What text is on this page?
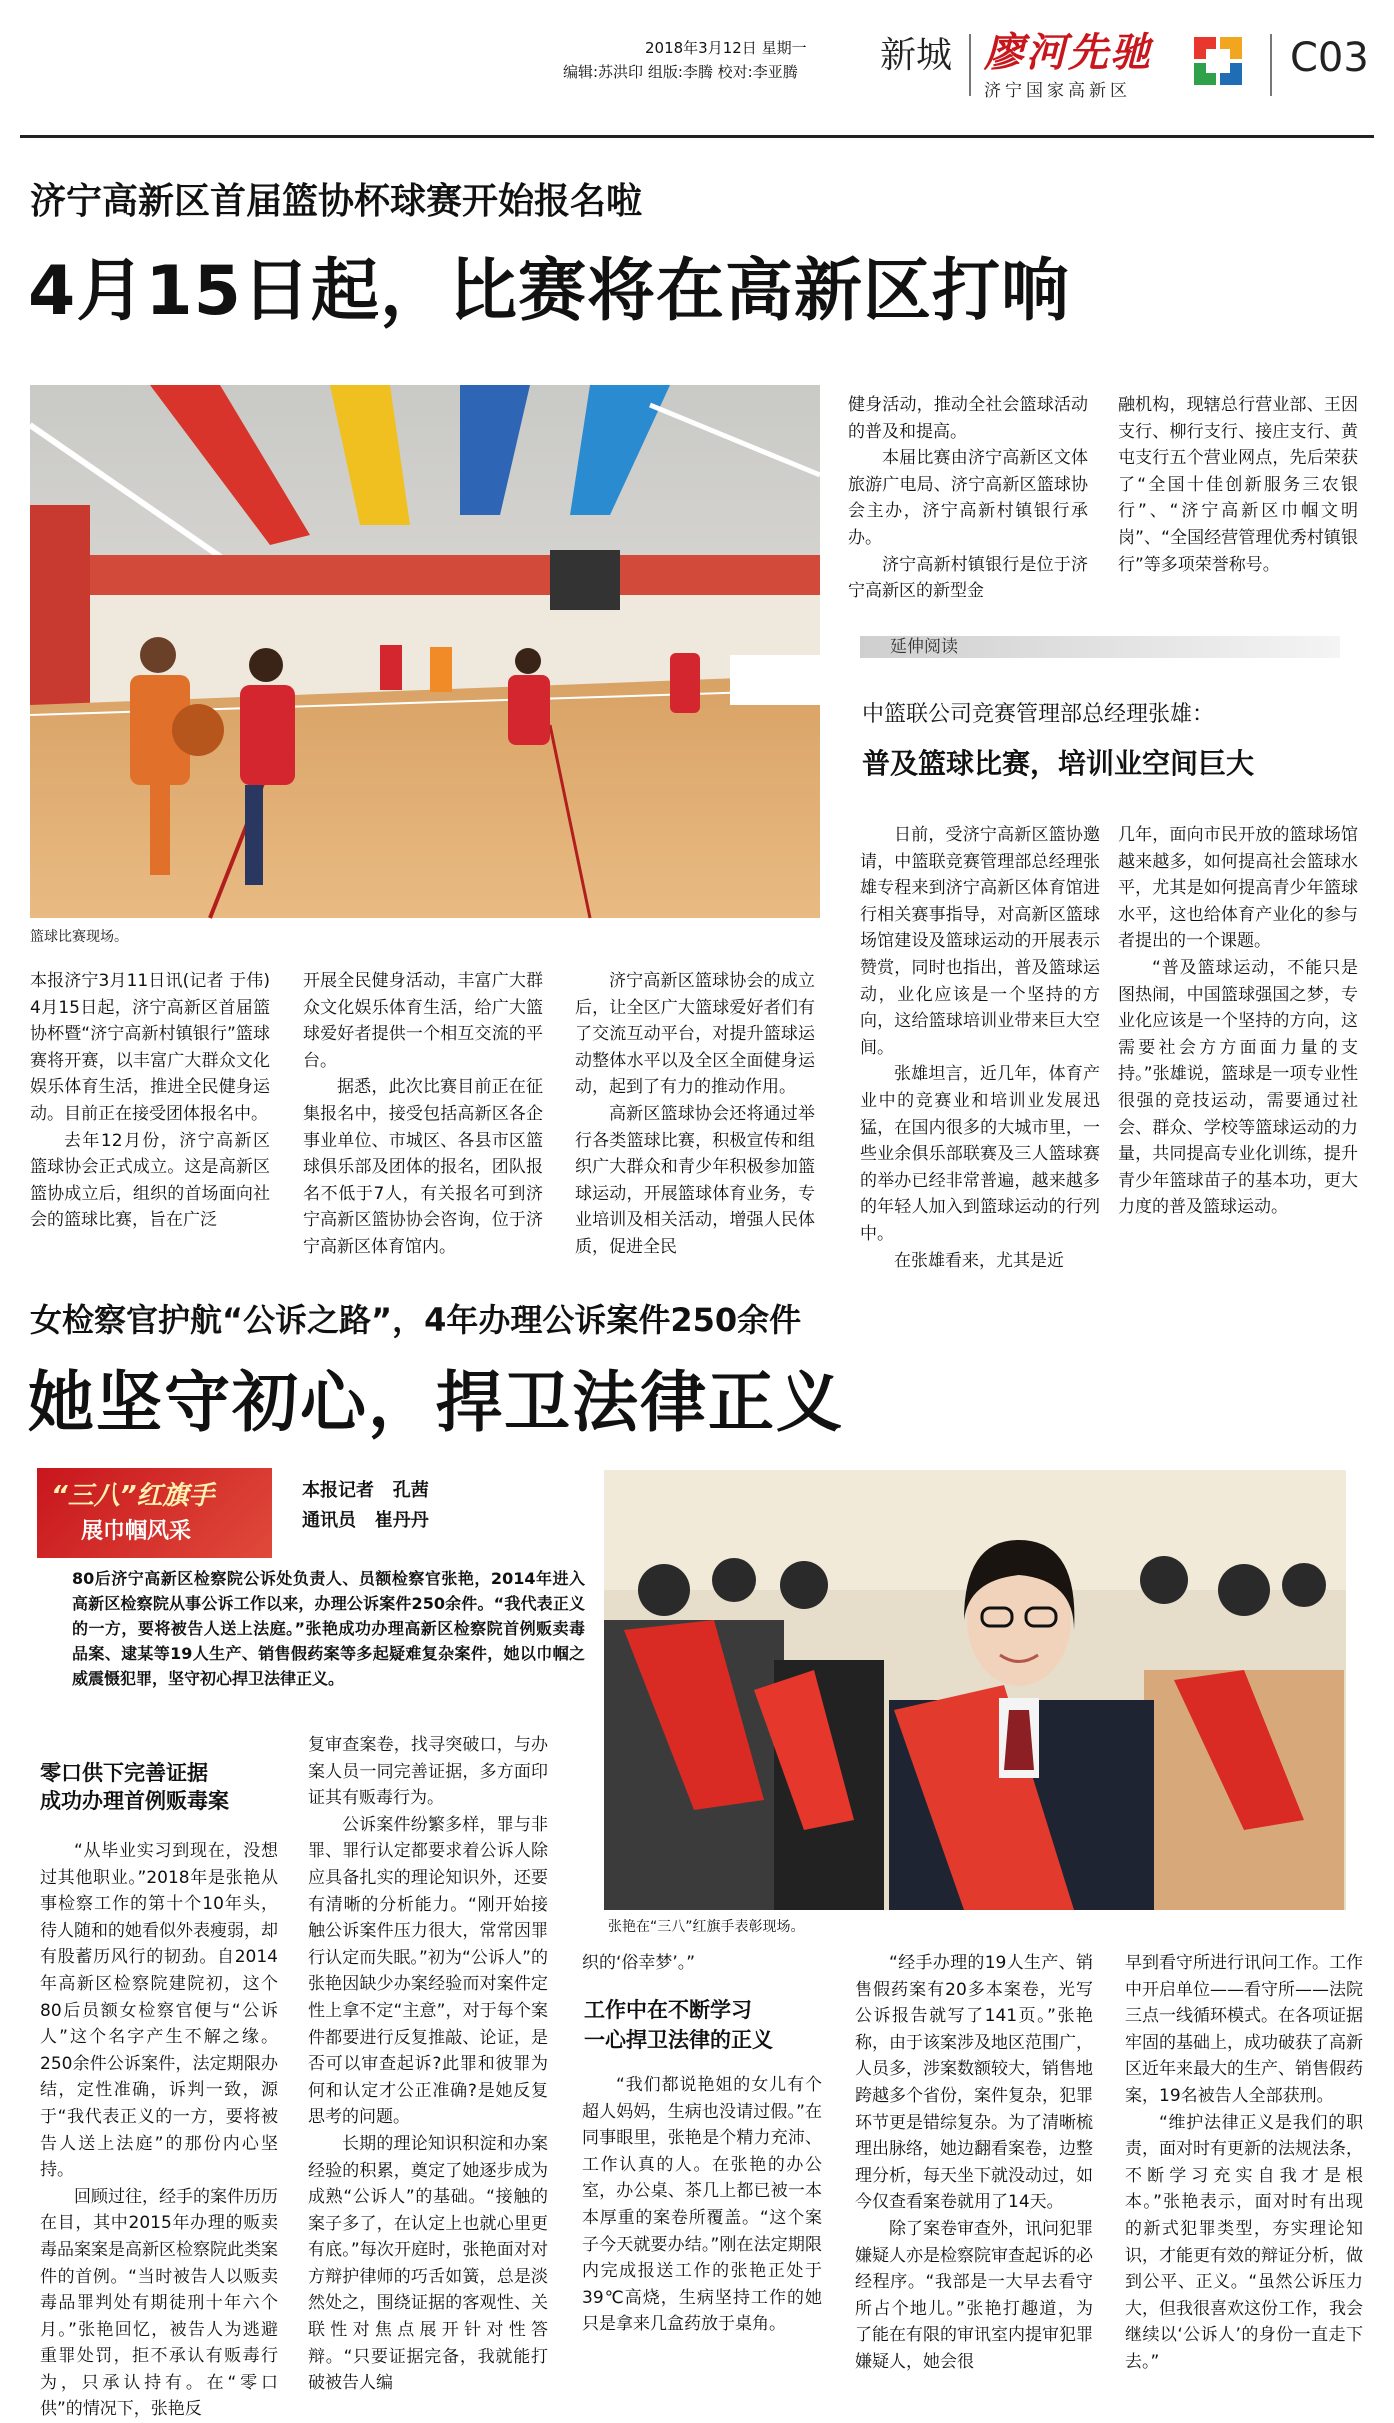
2018年3月12日 星期一
编辑:苏洪印 组版:李腾 校对:李亚腾 新城 廖河先驰
济宁国家高新区
C03
济宁高新区首届篮协杯球赛开始报名啦
4月15日起，比赛将在高新区打响
篮球比赛现场。

本报济宁3月11日讯(记者 于伟) 4月15日起，济宁高新区首届篮协杯暨“济宁高新村镇银行”篮球赛将开赛，以丰富广大群众文化娱乐体育生活，推进全民健身运动。目前正在接受团体报名中。

去年12月份，济宁高新区篮球协会正式成立。这是高新区篮协成立后，组织的首场面向社会的篮球比赛，旨在广泛

开展全民健身活动，丰富广大群众文化娱乐体育生活，给广大篮球爱好者提供一个相互交流的平台。

据悉，此次比赛目前正在征集报名中，接受包括高新区各企事业单位、市城区、各县市区篮球俱乐部及团体的报名，团队报名不低于7人，有关报名可到济宁高新区篮协协会咨询，位于济宁高新区体育馆内。

济宁高新区篮球协会的成立后，让全区广大篮球爱好者们有了交流互动平台，对提升篮球运动整体水平以及全区全面健身运动，起到了有力的推动作用。

高新区篮球协会还将通过举行各类篮球比赛，积极宣传和组织广大群众和青少年积极参加篮球运动，开展篮球体育业务，专业培训及相关活动，增强人民体质，促进全民

健身活动，推动全社会篮球活动的普及和提高。

本届比赛由济宁高新区文体旅游广电局、济宁高新区篮球协会主办，济宁高新村镇银行承办。

济宁高新村镇银行是位于济宁高新区的新型金

融机构，现辖总行营业部、王因支行、柳行支行、接庄支行、黄屯支行五个营业网点，先后荣获了“全国十佳创新服务三农银行”、“济宁高新区巾帼文明岗”、“全国经营管理优秀村镇银行”等多项荣誉称号。

延伸阅读
中篮联公司竞赛管理部总经理张雄：
普及篮球比赛，培训业空间巨大

日前，受济宁高新区篮协邀请，中篮联竞赛管理部总经理张雄专程来到济宁高新区体育馆进行相关赛事指导，对高新区篮球场馆建设及篮球运动的开展表示赞赏，同时也指出，普及篮球运动，业化应该是一个坚持的方向，这给篮球培训业带来巨大空间。

张雄坦言，近几年，体育产业中的竞赛业和培训业发展迅猛，在国内很多的大城市里，一些业余俱乐部联赛及三人篮球赛的举办已经非常普遍，越来越多的年轻人加入到篮球运动的行列中。

在张雄看来，尤其是近

几年，面向市民开放的篮球场馆越来越多，如何提高社会篮球水平，尤其是如何提高青少年篮球水平，这也给体育产业化的参与者提出的一个课题。

“普及篮球运动，不能只是图热闹，中国篮球强国之梦，专业化应该是一个坚持的方向，这需要社会方方面面力量的支持。”张雄说，篮球是一项专业性很强的竞技运动，需要通过社会、群众、学校等篮球运动的力量，共同提高专业化训练，提升青少年篮球苗子的基本功，更大力度的普及篮球运动。

女检察官护航“公诉之路”，4年办理公诉案件250余件
她坚守初心，捍卫法律正义
“三八”红旗手
展巾帼风采
本报记者   孔茜
通讯员   崔丹丹

80后济宁高新区检察院公诉处负责人、员额检察官张艳，2014年进入高新区检察院从事公诉工作以来，办理公诉案件250余件。“我代表正义的一方，要将被告人送上法庭。”张艳成功办理高新区检察院首例贩卖毒品案、逮某等19人生产、销售假药案等多起疑难复杂案件，她以巾帼之威震慑犯罪，坚守初心捍卫法律正义。

张艳在“三八”红旗手表彰现场。
零口供下完善证据
成功办理首例贩毒案

“从毕业实习到现在，没想过其他职业。”2018年是张艳从事检察工作的第十个10年头，待人随和的她看似外表瘦弱，却有股蓄历风行的韧劲。自2014年高新区检察院建院初，这个80后员额女检察官便与“公诉人”这个名字产生不解之缘。250余件公诉案件，法定期限办结，定性准确，诉判一致，源于“我代表正义的一方，要将被告人送上法庭”的那份内心坚持。

回顾过往，经手的案件历历在目，其中2015年办理的贩卖毒品案案是高新区检察院此类案件的首例。“当时被告人以贩卖毒品罪判处有期徒刑十年六个月。”张艳回忆，被告人为逃避重罪处罚，拒不承认有贩毒行为，只承认持有。在“零口供”的情况下，张艳反

复审查案卷，找寻突破口，与办案人员一同完善证据，多方面印证其有贩毒行为。

公诉案件纷繁多样，罪与非罪、罪行认定都要求着公诉人除应具备扎实的理论知识外，还要有清晰的分析能力。“刚开始接触公诉案件压力很大，常常因罪行认定而失眠。”初为“公诉人”的张艳因缺少办案经验而对案件定性上拿不定“主意”，对于每个案件都要进行反复推敲、论证，是否可以审查起诉?此罪和彼罪为何和认定才公正准确?是她反复思考的问题。

长期的理论知识积淀和办案经验的积累，奠定了她逐步成为成熟“公诉人”的基础。“接触的案子多了，在认定上也就心里更有底。”每次开庭时，张艳面对对方辩护律师的巧舌如簧，总是淡然处之，围绕证据的客观性、关联性对焦点展开针对性答辩。“只要证据完备，我就能打破被告人编

织的‘俗幸梦’。”

工作中在不断学习
一心捍卫法律的正义

“我们都说艳姐的女儿有个超人妈妈，生病也没请过假。”在同事眼里，张艳是个精力充沛、工作认真的人。在张艳的办公室，办公桌、茶几上都已被一本本厚重的案卷所覆盖。“这个案子今天就要办结。”刚在法定期限内完成报送工作的张艳正处于39℃高烧，生病坚持工作的她只是拿来几盒药放于桌角。

“经手办理的19人生产、销售假药案有20多本案卷，光写公诉报告就写了141页。”张艳称，由于该案涉及地区范围广，人员多，涉案数额较大，销售地跨越多个省份，案件复杂，犯罪环节更是错综复杂。为了清晰梳理出脉络，她边翻看案卷，边整理分析，每天坐下就没动过，如今仅查看案卷就用了14天。

除了案卷审查外，讯问犯罪嫌疑人亦是检察院审查起诉的必经程序。“我部是一大早去看守所占个地儿。”张艳打趣道，为了能在有限的审讯室内提审犯罪嫌疑人，她会很

早到看守所进行讯问工作。工作中开启单位——看守所——法院三点一线循环模式。在各项证据牢固的基础上，成功破获了高新区近年来最大的生产、销售假药案，19名被告人全部获刑。

“维护法律正义是我们的职责，面对时有更新的法规法条，不断学习充实自我才是根本。”张艳表示，面对时有出现的新式犯罪类型，夯实理论知识，才能更有效的辩证分析，做到公平、正义。“虽然公诉压力大，但我很喜欢这份工作，我会继续以‘公诉人’的身份一直走下去。”
